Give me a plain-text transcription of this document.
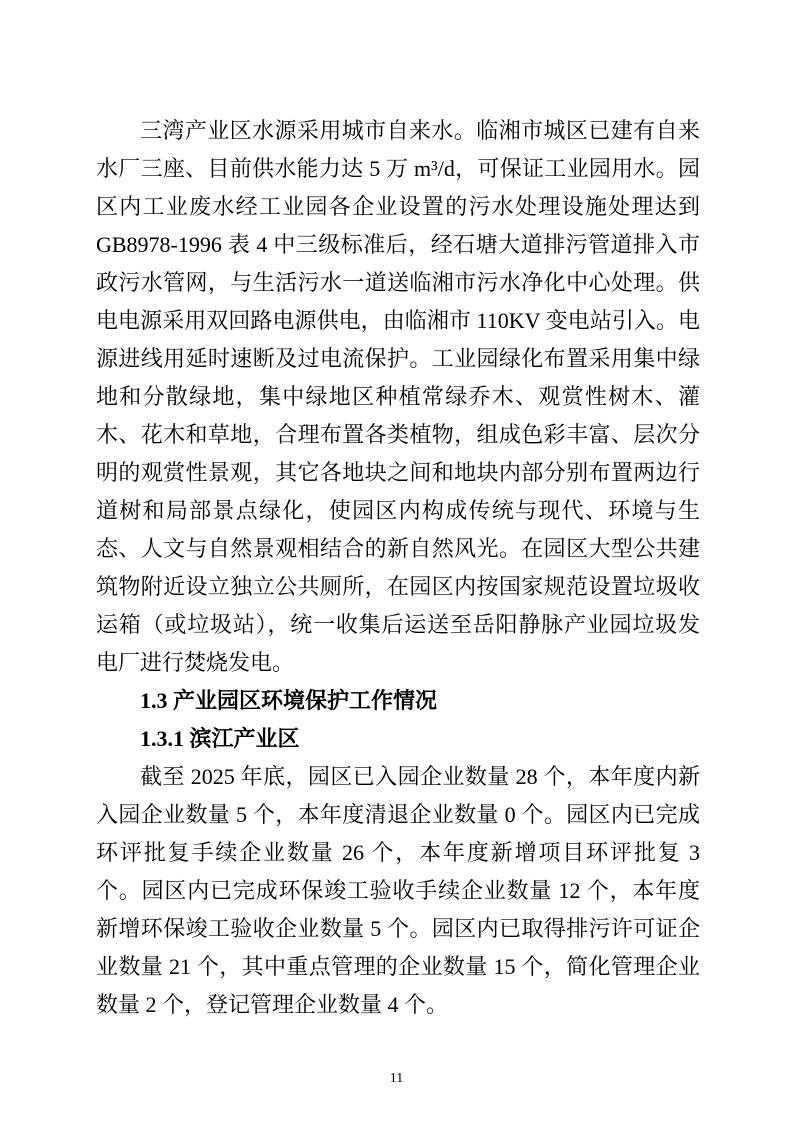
三湾产业区水源采用城市自来水。临湘市城区已建有自来水厂三座、目前供水能力达 5 万 m³/d，可保证工业园用水。园区内工业废水经工业园各企业设置的污水处理设施处理达到 GB8978-1996 表 4 中三级标准后，经石塘大道排污管道排入市政污水管网，与生活污水一道送临湘市污水净化中心处理。供电电源采用双回路电源供电，由临湘市 110KV 变电站引入。电源进线用延时速断及过电流保护。工业园绿化布置采用集中绿地和分散绿地，集中绿地区种植常绿乔木、观赏性树木、灌木、花木和草地，合理布置各类植物，组成色彩丰富、层次分明的观赏性景观，其它各地块之间和地块内部分别布置两边行道树和局部景点绿化，使园区内构成传统与现代、环境与生态、人文与自然景观相结合的新自然风光。在园区大型公共建筑物附近设立独立公共厕所，在园区内按国家规范设置垃圾收运箱（或垃圾站），统一收集后运送至岳阳静脉产业园垃圾发电厂进行焚烧发电。

1.3 产业园区环境保护工作情况
1.3.1 滨江产业区

截至 2025 年底，园区已入园企业数量 28 个，本年度内新入园企业数量 5 个，本年度清退企业数量 0 个。园区内已完成环评批复手续企业数量 26 个，本年度新增项目环评批复 3 个。园区内已完成环保竣工验收手续企业数量 12 个，本年度新增环保竣工验收企业数量 5 个。园区内已取得排污许可证企业数量 21 个，其中重点管理的企业数量 15 个，简化管理企业数量 2 个，登记管理企业数量 4 个。

11
